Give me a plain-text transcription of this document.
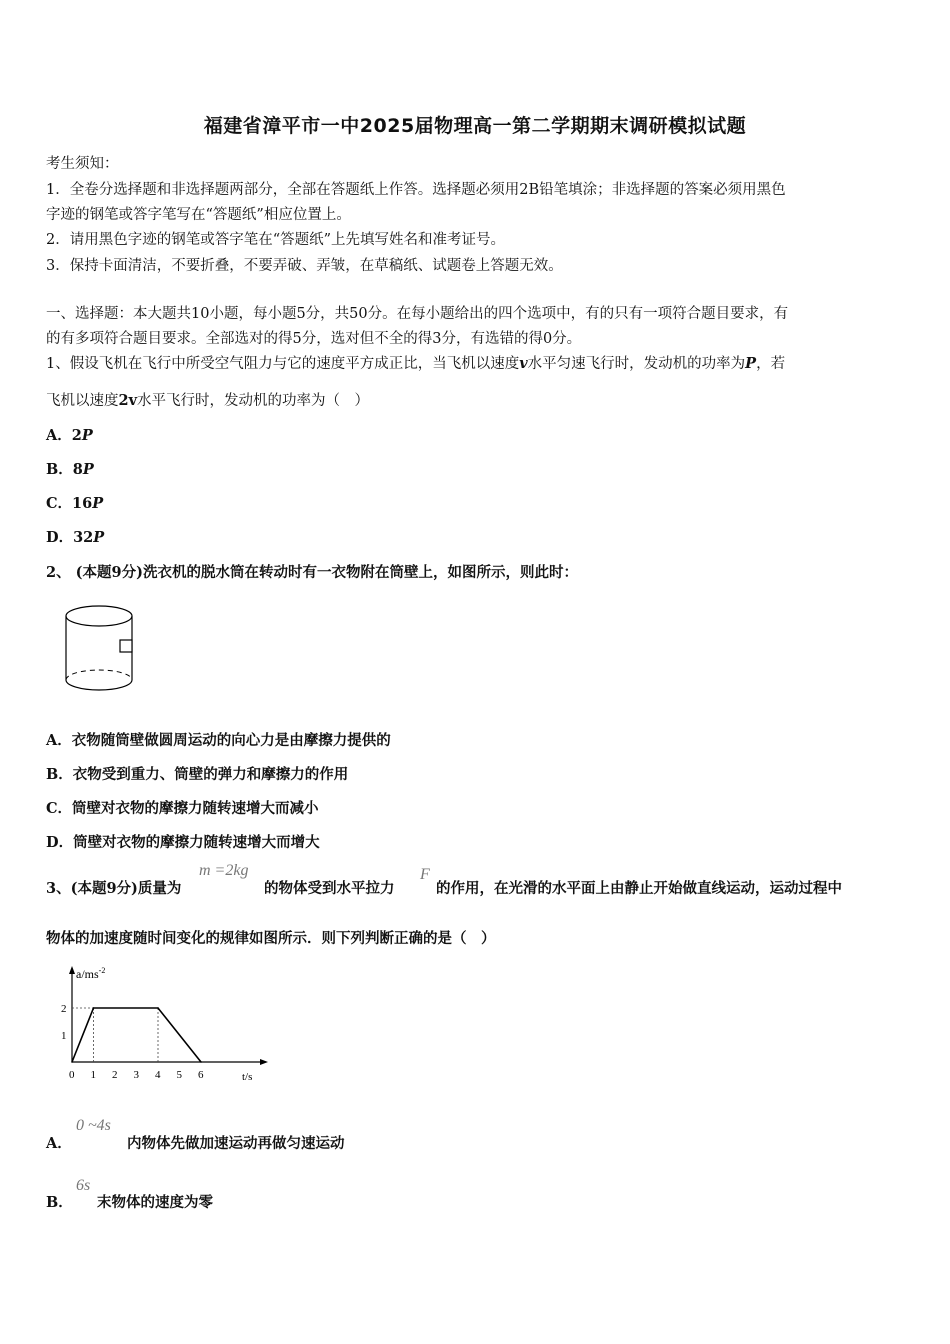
福建省漳平市一中2025届物理高一第二学期期末调研模拟试题
考生须知：
1．全卷分选择题和非选择题两部分，全部在答题纸上作答。选择题必须用2B铅笔填涂；非选择题的答案必须用黑色
字迹的钢笔或答字笔写在“答题纸”相应位置上。
2．请用黑色字迹的钢笔或答字笔在“答题纸”上先填写姓名和准考证号。
3．保持卡面清洁，不要折叠，不要弄破、弄皱，在草稿纸、试题卷上答题无效。
一、选择题：本大题共10小题，每小题5分，共50分。在每小题给出的四个选项中，有的只有一项符合题目要求，有
的有多项符合题目要求。全部选对的得5分，选对但不全的得3分，有选错的得0分。
1、假设飞机在飞行中所受空气阻力与它的速度平方成正比，当飞机以速度v水平匀速飞行时，发动机的功率为P，若
飞机以速度2v水平飞行时，发动机的功率为（　）
A．2P
B．8P
C．16P
D．32P
2、 (本题9分)洗衣机的脱水筒在转动时有一衣物附在筒壁上，如图所示，则此时：
A．衣物随筒壁做圆周运动的向心力是由摩擦力提供的
B．衣物受到重力、筒壁的弹力和摩擦力的作用
C．筒壁对衣物的摩擦力随转速增大而减小
D．筒壁对衣物的摩擦力随转速增大而增大
3、(本题9分)质量为
m =2kg
的物体受到水平拉力
F
的作用，在光滑的水平面上由静止开始做直线运动，运动过程中
物体的加速度随时间变化的规律如图所示．则下列判断正确的是（　）
$a/ms^{-2}$
t/s
0 1 2 3 4 5 6
1
2
A．
0 ~4s
内物体先做加速运动再做匀速运动
B．
6s
末物体的速度为零
